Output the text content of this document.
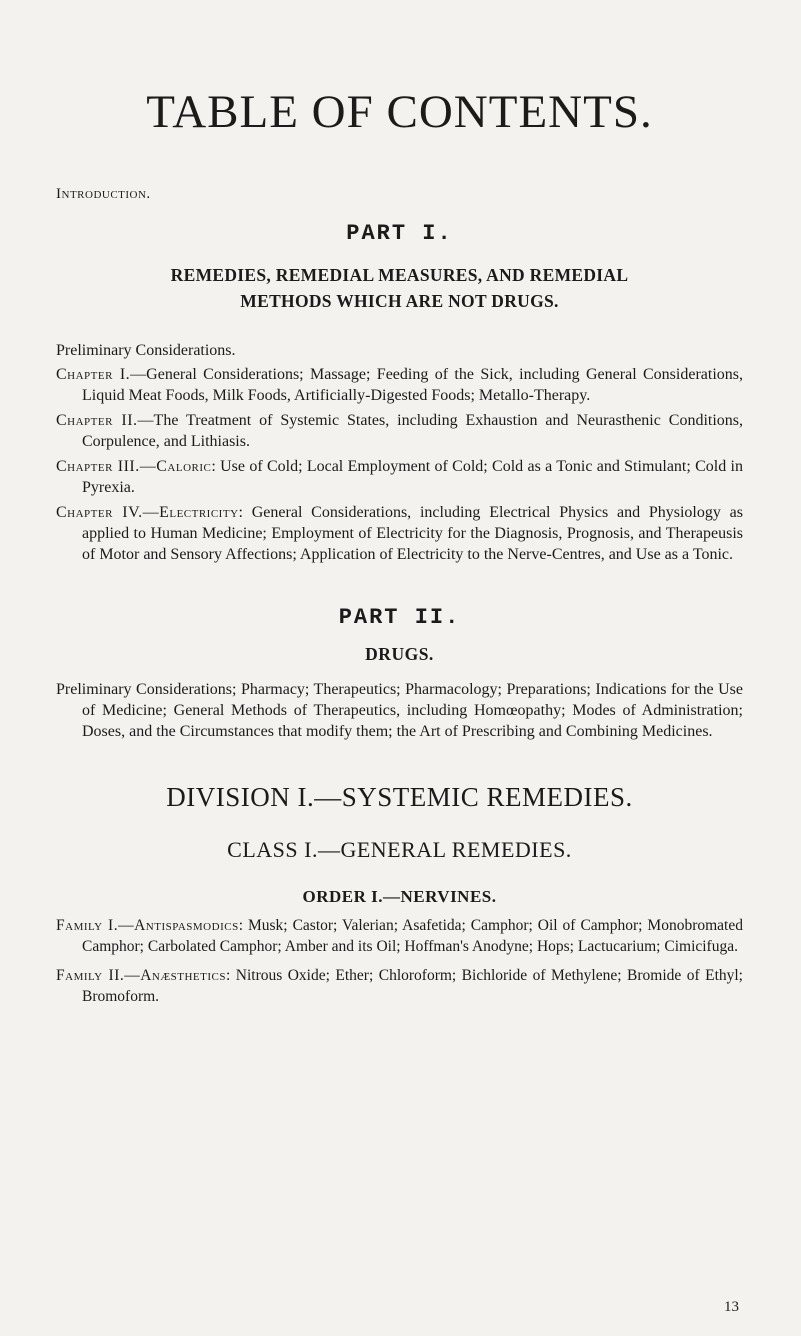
TABLE OF CONTENTS.

Introduction.

PART I.
REMEDIES, REMEDIAL MEASURES, AND REMEDIAL
METHODS WHICH ARE NOT DRUGS.

Preliminary Considerations.

Chapter I.—General Considerations; Massage; Feeding of the Sick, including General Considerations, Liquid Meat Foods, Milk Foods, Artificially-Digested Foods; Metallo-Therapy.

Chapter II.—The Treatment of Systemic States, including Exhaustion and Neurasthenic Conditions, Corpulence, and Lithiasis.

Chapter III.—Caloric: Use of Cold; Local Employment of Cold; Cold as a Tonic and Stimulant; Cold in Pyrexia.

Chapter IV.—Electricity: General Considerations, including Electrical Physics and Physiology as applied to Human Medicine; Employment of Electricity for the Diagnosis, Prognosis, and Therapeusis of Motor and Sensory Affections; Application of Electricity to the Nerve-Centres, and Use as a Tonic.

PART II.
DRUGS.

Preliminary Considerations; Pharmacy; Therapeutics; Pharmacology; Preparations; Indications for the Use of Medicine; General Methods of Therapeutics, including Homœopathy; Modes of Administration; Doses, and the Circumstances that modify them; the Art of Prescribing and Combining Medicines.

DIVISION I.—SYSTEMIC REMEDIES.
CLASS I.—GENERAL REMEDIES.
ORDER I.—NERVINES.

Family I.—Antispasmodics: Musk; Castor; Valerian; Asafetida; Camphor; Oil of Camphor; Monobromated Camphor; Carbolated Camphor; Amber and its Oil; Hoffman's Anodyne; Hops; Lactucarium; Cimicifuga.

Family II.—Anæsthetics: Nitrous Oxide; Ether; Chloroform; Bichloride of Methylene; Bromide of Ethyl; Bromoform.

13
